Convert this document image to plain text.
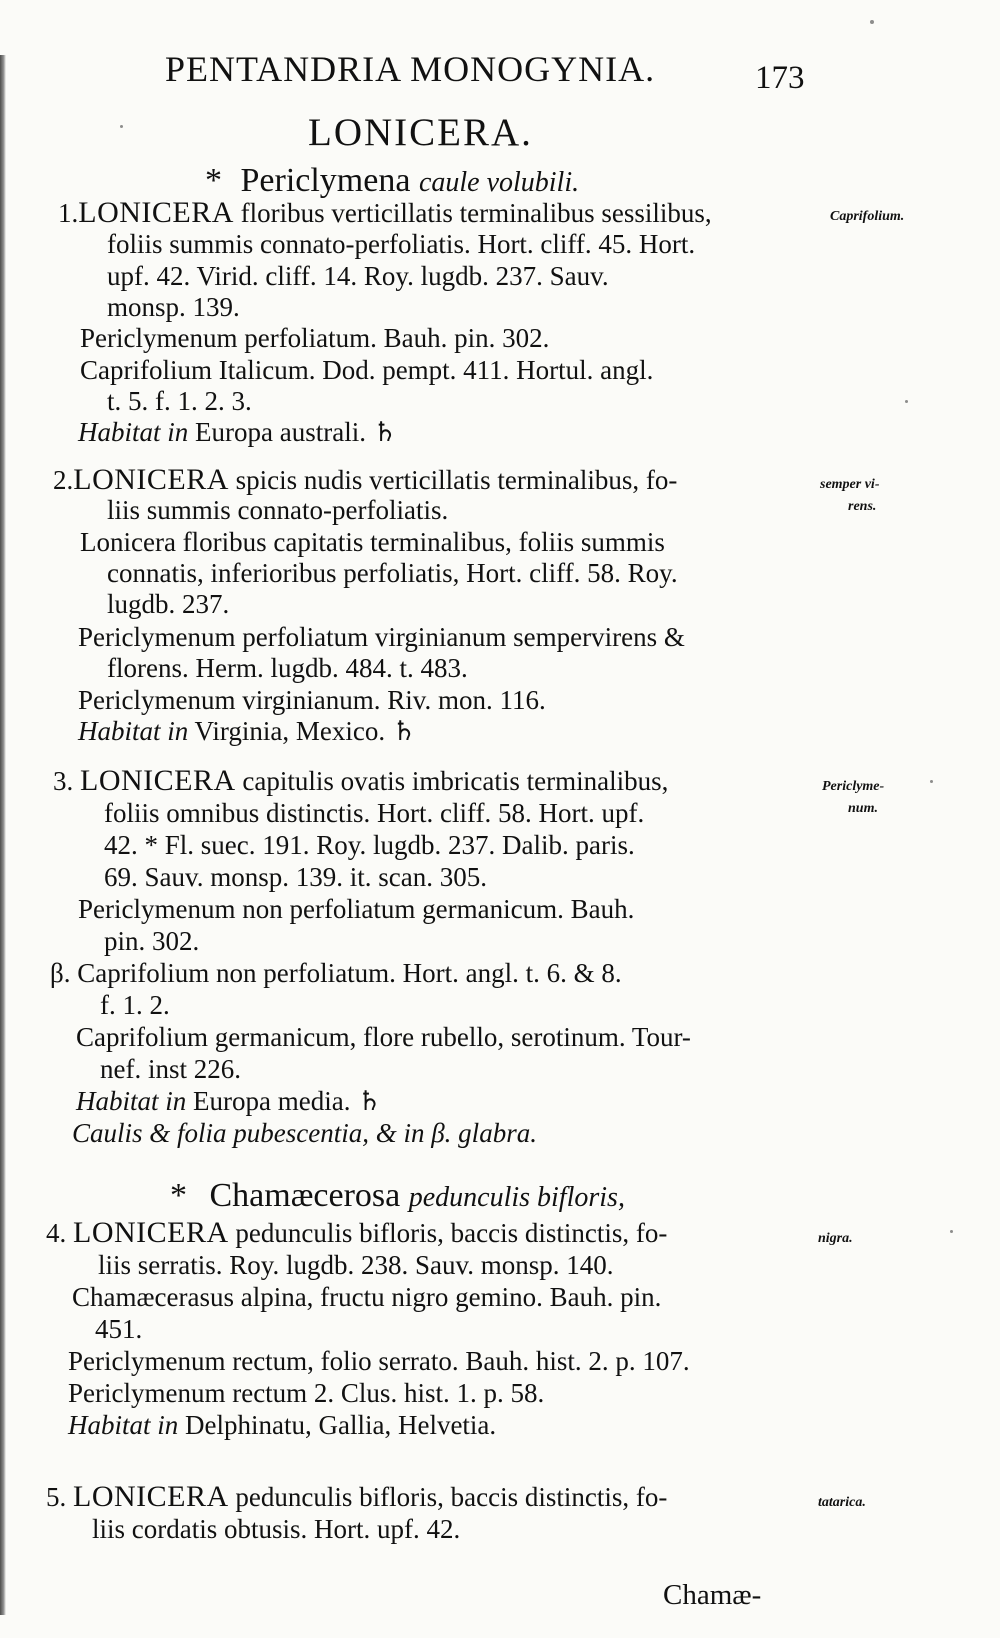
PENTANDRIA MONOGYNIA.	173
LONICERA.
* Periclymena caule volubili.
1.LONICERA floribus verticillatis terminalibus sessilibus,	Caprifolium.
foliis summis connato-perfoliatis. Hort. cliff. 45. Hort.
upf. 42. Virid. cliff. 14. Roy. lugdb. 237. Sauv.
monsp. 139.
Periclymenum perfoliatum. Bauh. pin. 302.
Caprifolium Italicum. Dod. pempt. 411. Hortul. angl.
t. 5. f. 1. 2. 3.
Habitat in Europa australi. ♄
2.LONICERA spicis nudis verticillatis terminalibus, fo-	semper vi-
rens.
liis summis connato-perfoliatis.
Lonicera floribus capitatis terminalibus, foliis summis
connatis, inferioribus perfoliatis, Hort. cliff. 58. Roy.
lugdb. 237.
Periclymenum perfoliatum virginianum sempervirens &
florens. Herm. lugdb. 484. t. 483.
Periclymenum virginianum. Riv. mon. 116.
Habitat in Virginia, Mexico. ♄
3. LONICERA capitulis ovatis imbricatis terminalibus,	Periclyme-
num.
foliis omnibus distinctis. Hort. cliff. 58. Hort. upf.
42. * Fl. suec. 191. Roy. lugdb. 237. Dalib. paris.
69. Sauv. monsp. 139. it. scan. 305.
Periclymenum non perfoliatum germanicum. Bauh.
pin. 302.
β. Caprifolium non perfoliatum. Hort. angl. t. 6. & 8.
f. 1. 2.
Caprifolium germanicum, flore rubello, serotinum. Tour-
nef. inst 226.
Habitat in Europa media. ♄
Caulis & folia pubescentia, & in β. glabra.
* Chamæcerosa pedunculis bifloris,
4. LONICERA pedunculis bifloris, baccis distinctis, fo-	nigra.
liis serratis. Roy. lugdb. 238. Sauv. monsp. 140.
Chamæcerasus alpina, fructu nigro gemino. Bauh. pin.
451.
Periclymenum rectum, folio serrato. Bauh. hist. 2. p. 107.
Periclymenum rectum 2. Clus. hist. 1. p. 58.
Habitat in Delphinatu, Gallia, Helvetia.
5. LONICERA pedunculis bifloris, baccis distinctis, fo-	tatarica.
liis cordatis obtusis. Hort. upf. 42.
Chamæ-
